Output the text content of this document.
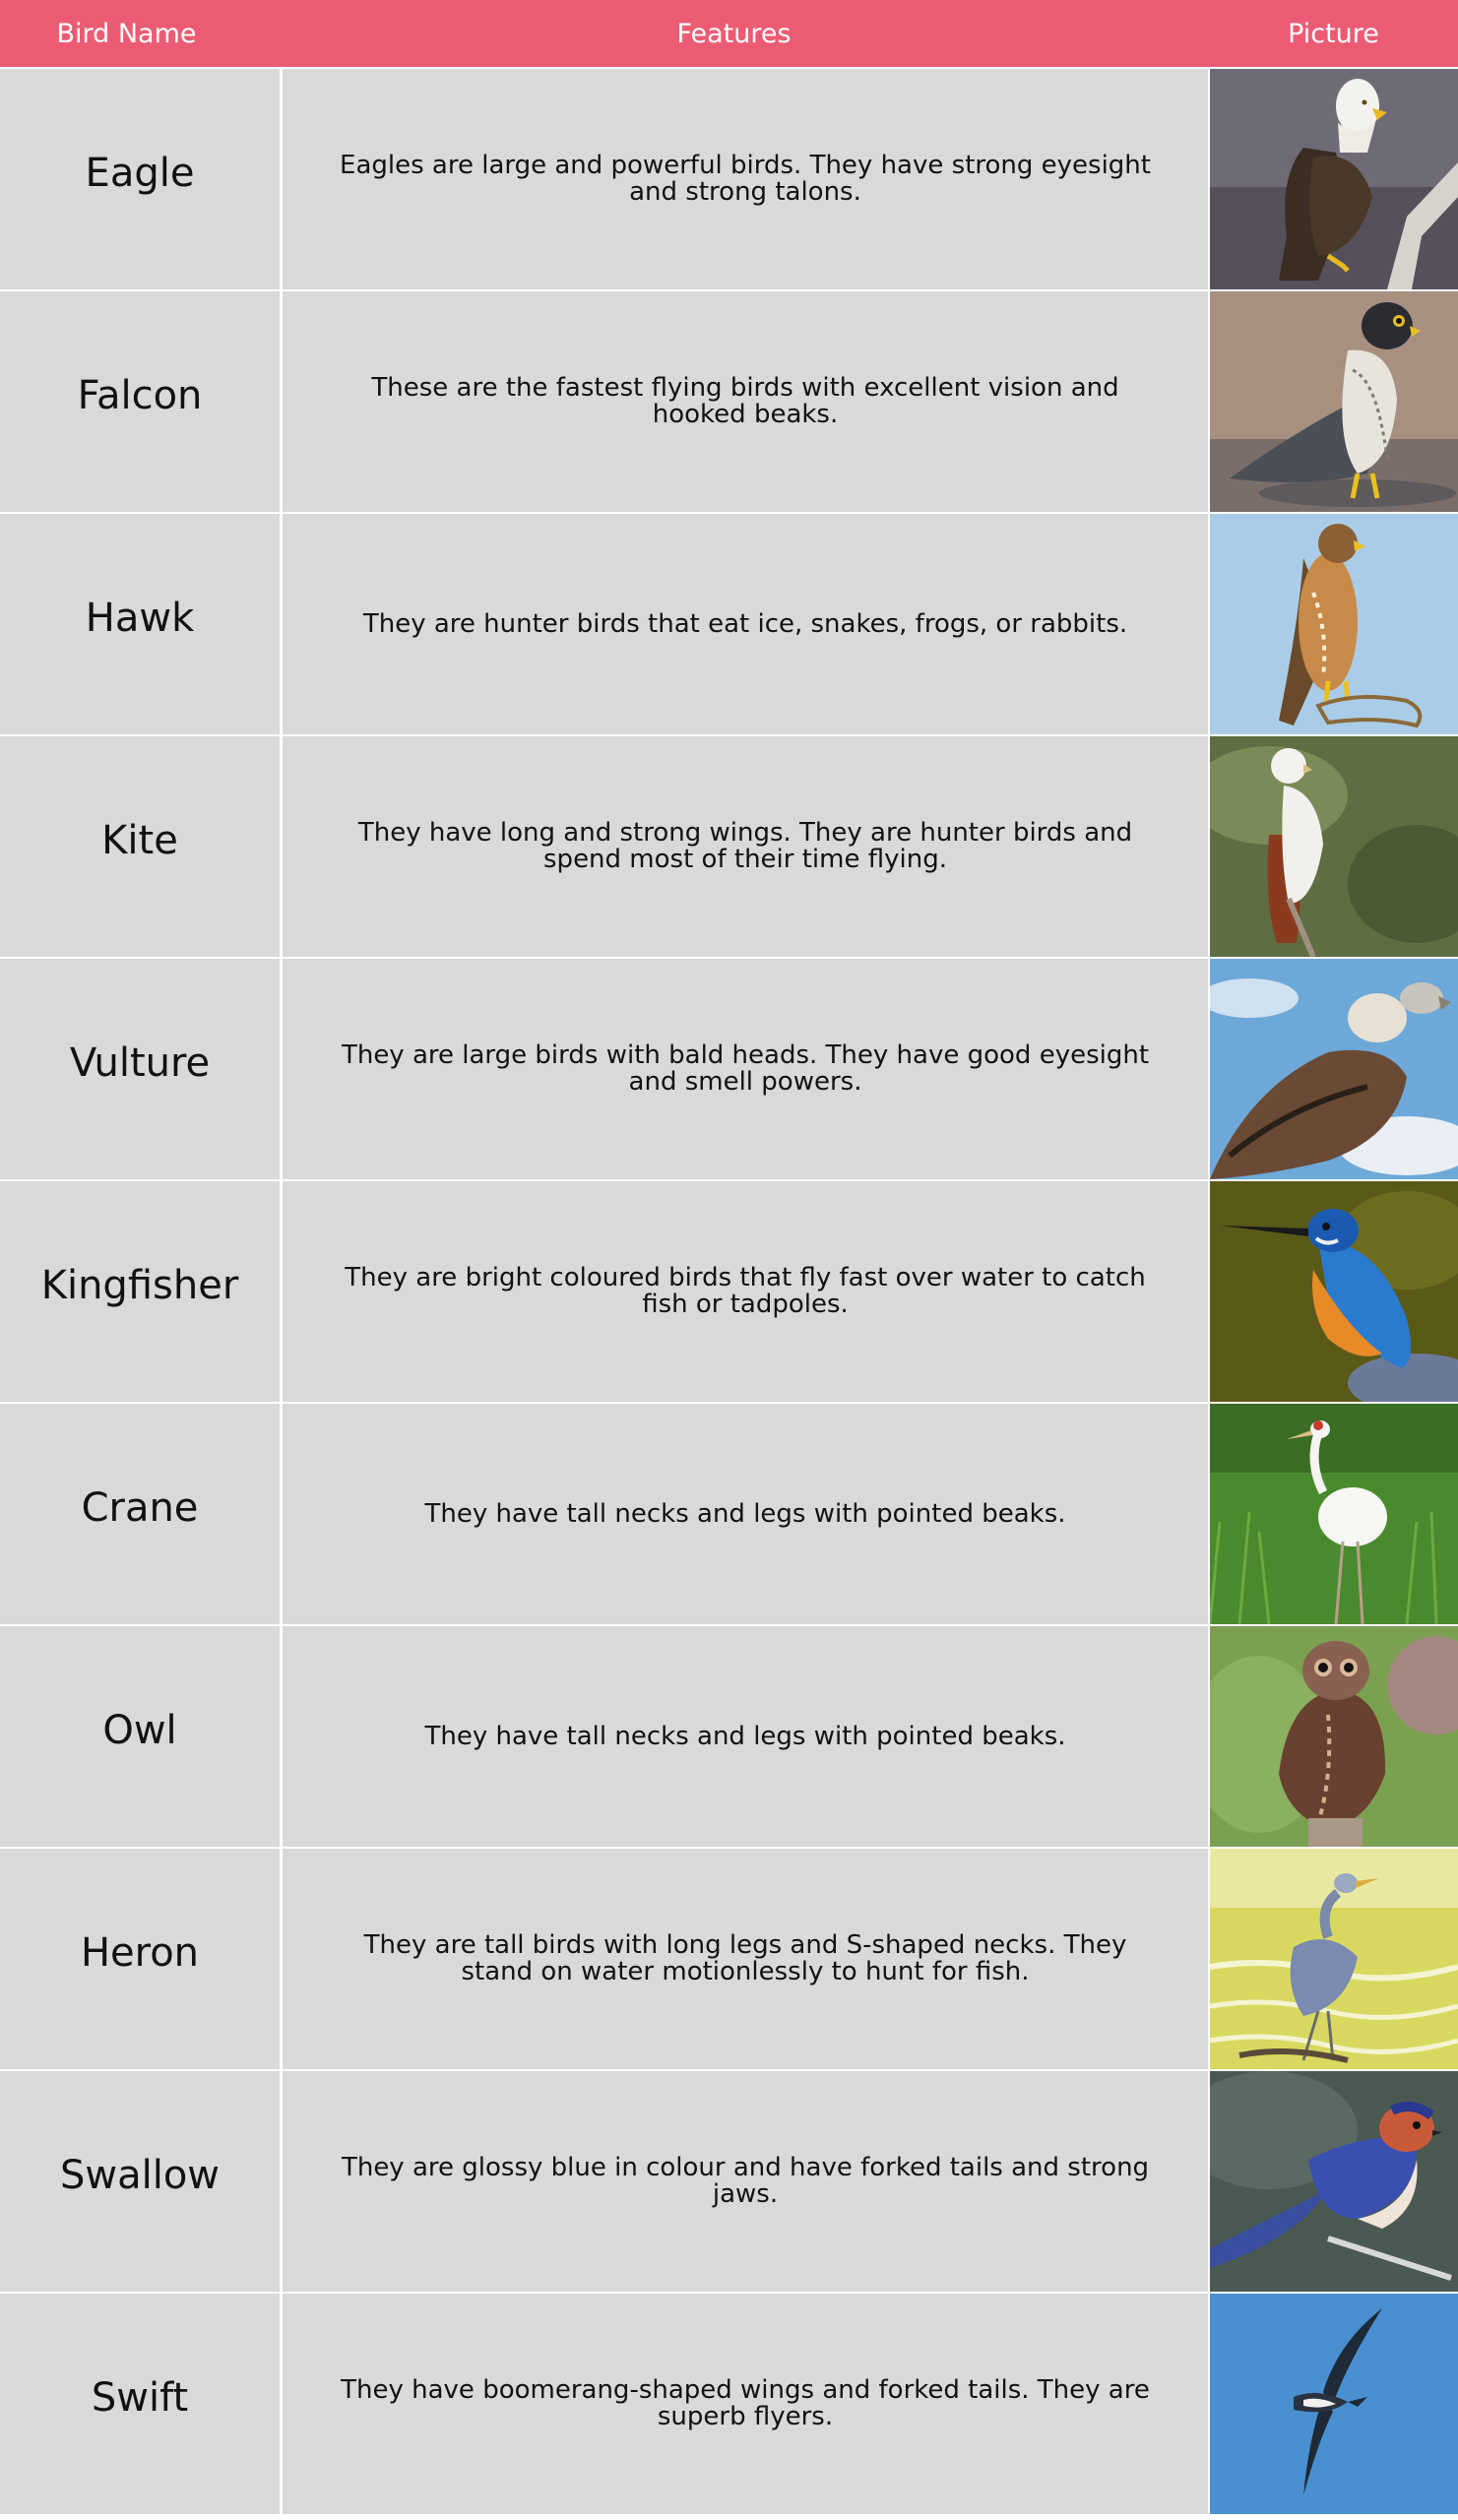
Bird Name	Features	Picture
Eagle	Eagles are large and powerful birds. They have strong eyesight and strong talons.
Falcon	These are the fastest flying birds with excellent vision and hooked beaks.
Hawk	They are hunter birds that eat ice, snakes, frogs, or rabbits.
Kite	They have long and strong wings. They are hunter birds and spend most of their time flying.
Vulture	They are large birds with bald heads. They have good eyesight and smell powers.
Kingfisher	They are bright coloured birds that fly fast over water to catch fish or tadpoles.
Crane	They have tall necks and legs with pointed beaks.
Owl	They have tall necks and legs with pointed beaks.
Heron	They are tall birds with long legs and S-shaped necks. They stand on water motionlessly to hunt for fish.
Swallow	They are glossy blue in colour and have forked tails and strong jaws.
Swift	They have boomerang-shaped wings and forked tails. They are superb flyers.
